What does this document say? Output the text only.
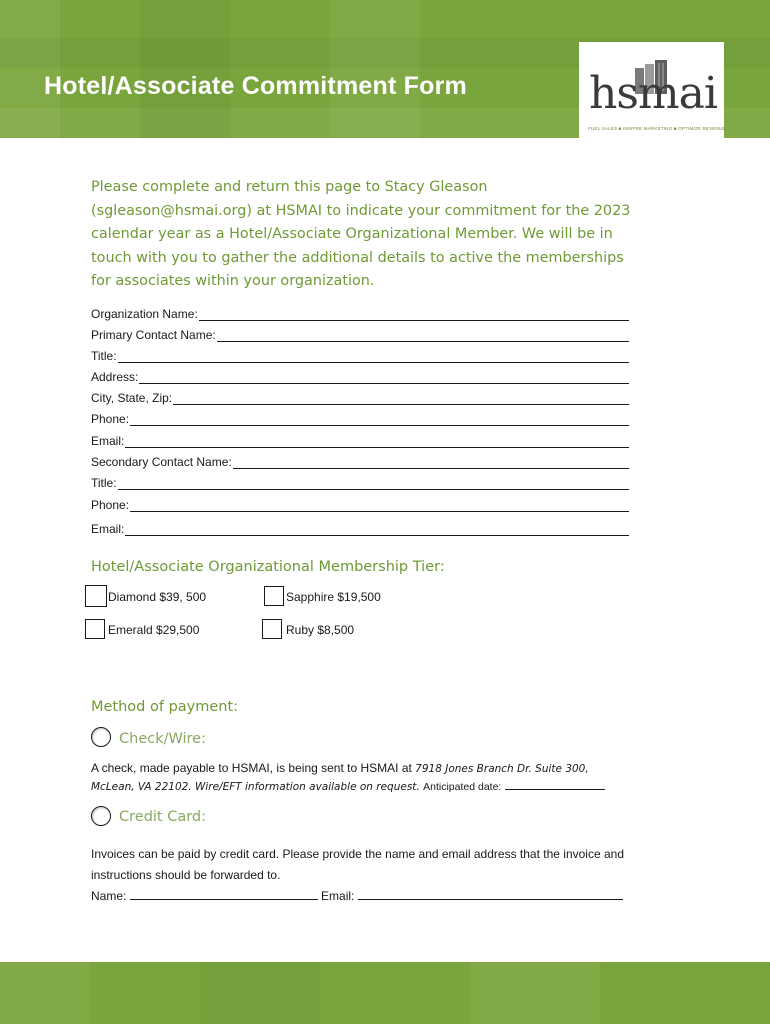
Hotel/Associate Commitment Form	hsmai
FUEL SALES ■ INSPIRE MARKETING ■ OPTIMIZE REVENUE
Please complete and return this page to Stacy Gleason (sgleason@hsmai.org) at HSMAI to indicate your commitment for the 2023 calendar year as a Hotel/Associate Organizational Member. We will be in touch with you to gather the additional details to active the memberships for associates within your organization.
Organization Name:
Primary Contact Name:
Title:
Address:
City, State, Zip:
Phone:
Email:
Secondary Contact Name:
Title:
Phone:
Email:
Hotel/Associate Organizational Membership Tier:
Diamond $39, 500	Sapphire $19,500
Emerald $29,500	Ruby $8,500
Method of payment:
Check/Wire:
A check, made payable to HSMAI, is being sent to HSMAI at 7918 Jones Branch Dr. Suite 300,
McLean, VA 22102. Wire/EFT information available on request. Anticipated date:
Credit Card:
Invoices can be paid by credit card. Please provide the name and email address that the invoice and
instructions should be forwarded to.
Name:	Email:
